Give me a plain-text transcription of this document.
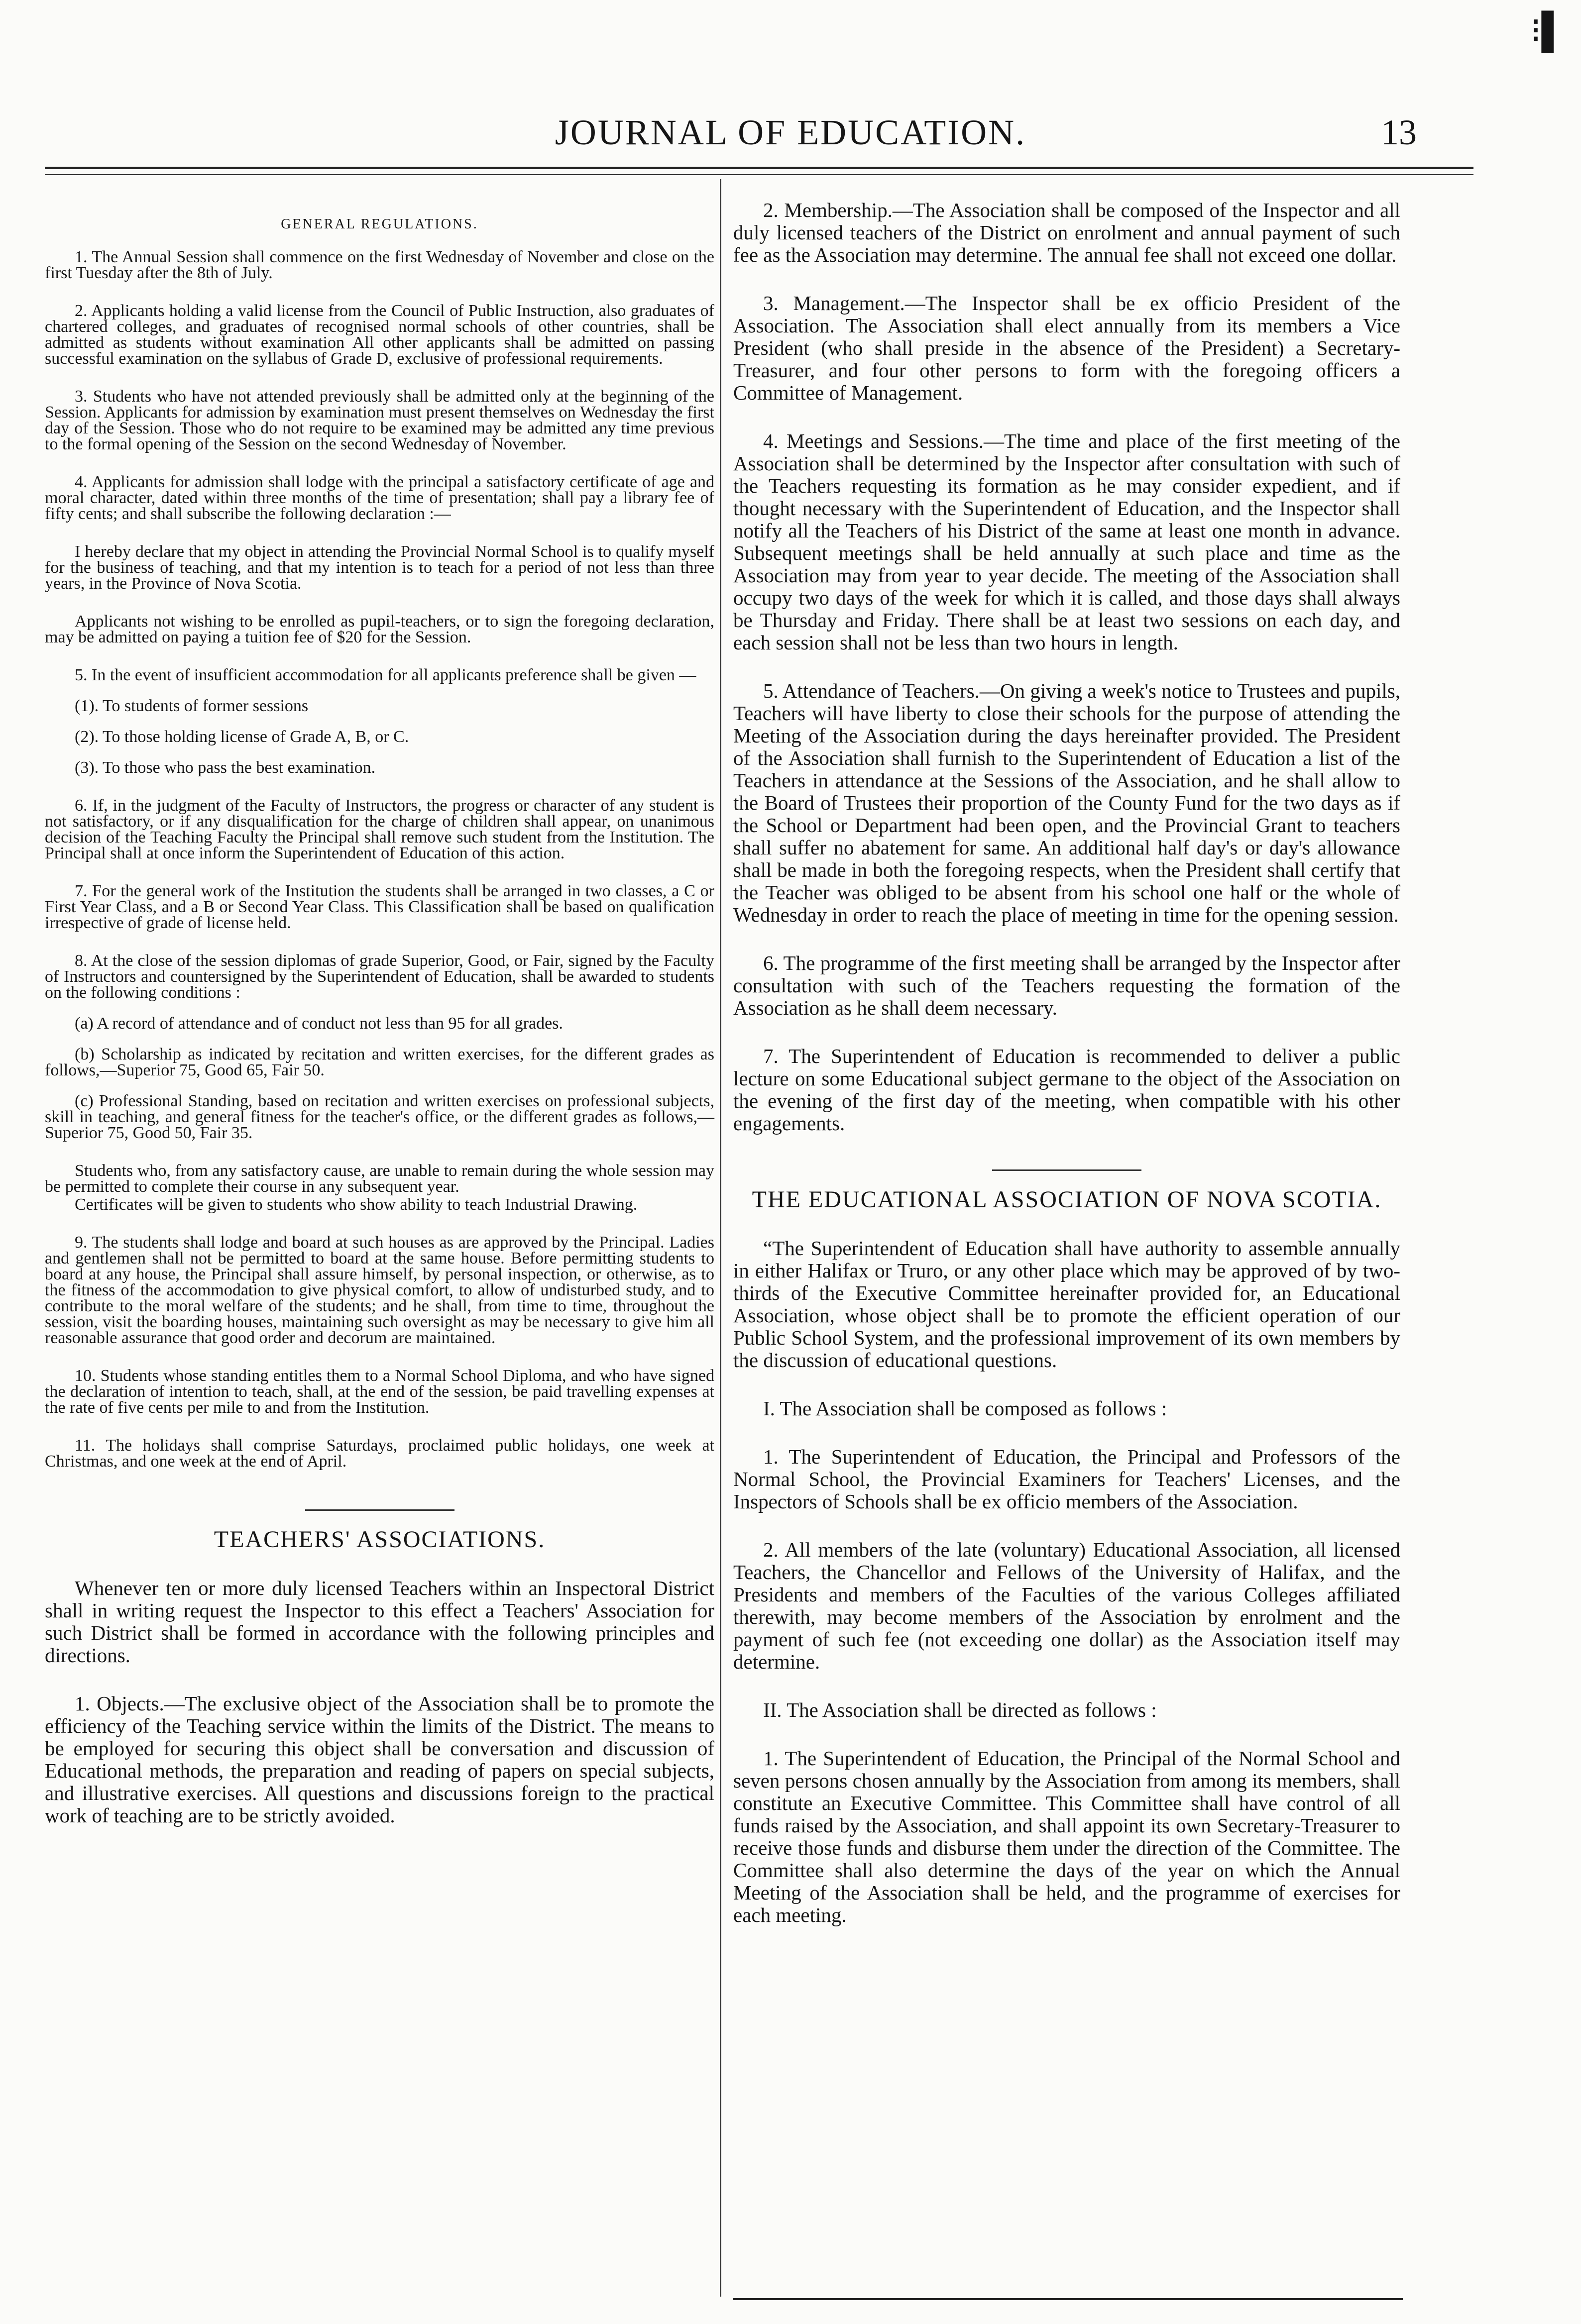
⁝▌
JOURNAL OF EDUCATION.	13
GENERAL REGULATIONS.

1. The Annual Session shall commence on the first Wednesday of November and close on the first Tuesday after the 8th of July.

2. Applicants holding a valid license from the Council of Public Instruction, also graduates of chartered colleges, and graduates of recognised normal schools of other countries, shall be admitted as students without examination All other applicants shall be admitted on passing successful examination on the syllabus of Grade D, exclusive of professional requirements.

3. Students who have not attended previously shall be admitted only at the beginning of the Session. Applicants for admission by examination must present themselves on Wednesday the first day of the Session. Those who do not require to be examined may be admitted any time previous to the formal opening of the Session on the second Wednesday of November.

4. Applicants for admission shall lodge with the principal a satisfactory certificate of age and moral character, dated within three months of the time of presentation; shall pay a library fee of fifty cents; and shall subscribe the following declaration :—

I hereby declare that my object in attending the Provincial Normal School is to qualify myself for the business of teaching, and that my intention is to teach for a period of not less than three years, in the Province of Nova Scotia.

Applicants not wishing to be enrolled as pupil-teachers, or to sign the foregoing declaration, may be admitted on paying a tuition fee of $20 for the Session.

5. In the event of insufficient accommodation for all applicants preference shall be given —

(1). To students of former sessions
(2). To those holding license of Grade A, B, or C.
(3). To those who pass the best examination.

6. If, in the judgment of the Faculty of Instructors, the progress or character of any student is not satisfactory, or if any disqualification for the charge of children shall appear, on unanimous decision of the Teaching Faculty the Principal shall remove such student from the Institution. The Principal shall at once inform the Superintendent of Education of this action.

7. For the general work of the Institution the students shall be arranged in two classes, a C or First Year Class, and a B or Second Year Class. This Classification shall be based on qualification irrespective of grade of license held.

8. At the close of the session diplomas of grade Superior, Good, or Fair, signed by the Faculty of Instructors and countersigned by the Superintendent of Education, shall be awarded to students on the following conditions :

(a) A record of attendance and of conduct not less than 95 for all grades.

(b) Scholarship as indicated by recitation and written exercises, for the different grades as follows,—Superior 75, Good 65, Fair 50.

(c) Professional Standing, based on recitation and written exercises on professional subjects, skill in teaching, and general fitness for the teacher's office, or the different grades as follows,—Superior 75, Good 50, Fair 35.

Students who, from any satisfactory cause, are unable to remain during the whole session may be permitted to complete their course in any subsequent year.

Certificates will be given to students who show ability to teach Industrial Drawing.

9. The students shall lodge and board at such houses as are approved by the Principal. Ladies and gentlemen shall not be permitted to board at the same house. Before permitting students to board at any house, the Principal shall assure himself, by personal inspection, or otherwise, as to the fitness of the accommodation to give physical comfort, to allow of undisturbed study, and to contribute to the moral welfare of the students; and he shall, from time to time, throughout the session, visit the boarding houses, maintaining such oversight as may be necessary to give him all reasonable assurance that good order and decorum are maintained.

10. Students whose standing entitles them to a Normal School Diploma, and who have signed the declaration of intention to teach, shall, at the end of the session, be paid travelling expenses at the rate of five cents per mile to and from the Institution.

11. The holidays shall comprise Saturdays, proclaimed public holidays, one week at Christmas, and one week at the end of April.

TEACHERS' ASSOCIATIONS.

Whenever ten or more duly licensed Teachers within an Inspectoral District shall in writing request the Inspector to this effect a Teachers' Association for such District shall be formed in accordance with the following principles and directions.

1. Objects.—The exclusive object of the Association shall be to promote the efficiency of the Teaching service within the limits of the District. The means to be employed for securing this object shall be conversation and discussion of Educational methods, the preparation and reading of papers on special subjects, and illustrative exercises. All questions and discussions foreign to the practical work of teaching are to be strictly avoided.

2. Membership.—The Association shall be composed of the Inspector and all duly licensed teachers of the District on enrolment and annual payment of such fee as the Association may determine. The annual fee shall not exceed one dollar.

3. Management.—The Inspector shall be ex officio President of the Association. The Association shall elect annually from its members a Vice President (who shall preside in the absence of the President) a Secretary-Treasurer, and four other persons to form with the foregoing officers a Committee of Management.

4. Meetings and Sessions.—The time and place of the first meeting of the Association shall be determined by the Inspector after consultation with such of the Teachers requesting its formation as he may consider expedient, and if thought necessary with the Superintendent of Education, and the Inspector shall notify all the Teachers of his District of the same at least one month in advance. Subsequent meetings shall be held annually at such place and time as the Association may from year to year decide. The meeting of the Association shall occupy two days of the week for which it is called, and those days shall always be Thursday and Friday. There shall be at least two sessions on each day, and each session shall not be less than two hours in length.

5. Attendance of Teachers.—On giving a week's notice to Trustees and pupils, Teachers will have liberty to close their schools for the purpose of attending the Meeting of the Association during the days hereinafter provided. The President of the Association shall furnish to the Superintendent of Education a list of the Teachers in attendance at the Sessions of the Association, and he shall allow to the Board of Trustees their proportion of the County Fund for the two days as if the School or Department had been open, and the Provincial Grant to teachers shall suffer no abatement for same. An additional half day's or day's allowance shall be made in both the foregoing respects, when the President shall certify that the Teacher was obliged to be absent from his school one half or the whole of Wednesday in order to reach the place of meeting in time for the opening session.

6. The programme of the first meeting shall be arranged by the Inspector after consultation with such of the Teachers requesting the formation of the Association as he shall deem necessary.

7. The Superintendent of Education is recommended to deliver a public lecture on some Educational subject germane to the object of the Association on the evening of the first day of the meeting, when compatible with his other engagements.

THE EDUCATIONAL ASSOCIATION OF NOVA SCOTIA.

“The Superintendent of Education shall have authority to assemble annually in either Halifax or Truro, or any other place which may be approved of by two-thirds of the Executive Committee hereinafter provided for, an Educational Association, whose object shall be to promote the efficient operation of our Public School System, and the professional improvement of its own members by the discussion of educational questions.

I. The Association shall be composed as follows :

1. The Superintendent of Education, the Principal and Professors of the Normal School, the Provincial Examiners for Teachers' Licenses, and the Inspectors of Schools shall be ex officio members of the Association.

2. All members of the late (voluntary) Educational Association, all licensed Teachers, the Chancellor and Fellows of the University of Halifax, and the Presidents and members of the Faculties of the various Colleges affiliated therewith, may become members of the Association by enrolment and the payment of such fee (not exceeding one dollar) as the Association itself may determine.

II. The Association shall be directed as follows :

1. The Superintendent of Education, the Principal of the Normal School and seven persons chosen annually by the Association from among its members, shall constitute an Executive Committee. This Committee shall have control of all funds raised by the Association, and shall appoint its own Secretary-Treasurer to receive those funds and disburse them under the direction of the Committee. The Committee shall also determine the days of the year on which the Annual Meeting of the Association shall be held, and the programme of exercises for each meeting.
